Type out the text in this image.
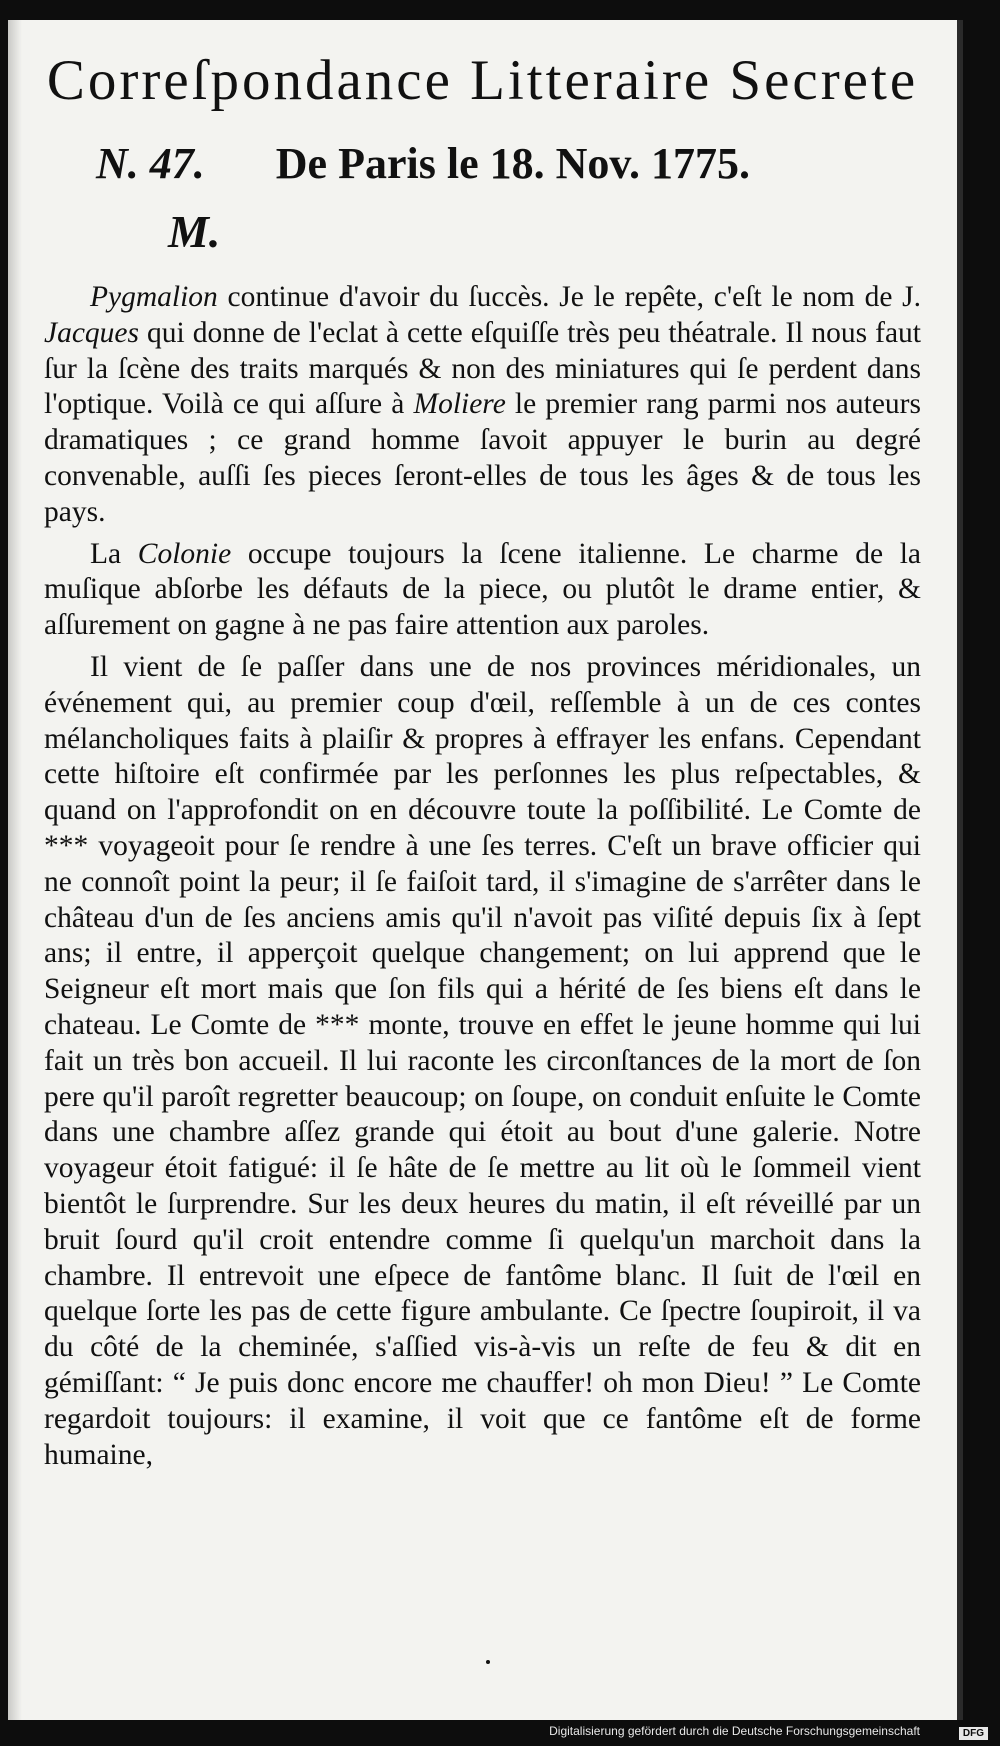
Correſpondance Litteraire Secrete
N. 47. De Paris le 18. Nov. 1775.
M.

Pygmalion continue d'avoir du ſuccès. Je le repête, c'eſt le nom de J. Jacques qui donne de l'eclat à cette eſquiſſe très peu théatrale. Il nous faut ſur la ſcène des traits marqués & non des miniatures qui ſe perdent dans l'optique. Voilà ce qui aſſure à Moliere le premier rang parmi nos auteurs dramatiques ; ce grand homme ſavoit appuyer le burin au degré convenable, auſſi ſes pieces ſeront-elles de tous les âges & de tous les pays.

La Colonie occupe toujours la ſcene italienne. Le charme de la muſique abſorbe les défauts de la piece, ou plutôt le drame entier, & aſſurement on gagne à ne pas faire attention aux paroles.

Il vient de ſe paſſer dans une de nos provinces méridionales, un événement qui, au premier coup d'œil, reſſemble à un de ces contes mélancholiques faits à plaiſir & propres à effrayer les enfans. Cependant cette hiſtoire eſt confirmée par les perſonnes les plus reſpectables, & quand on l'approfondit on en découvre toute la poſſibilité. Le Comte de *** voyageoit pour ſe rendre à une ſes terres. C'eſt un brave officier qui ne connoît point la peur; il ſe faiſoit tard, il s'imagine de s'arrêter dans le château d'un de ſes anciens amis qu'il n'avoit pas viſité depuis ſix à ſept ans; il entre, il apperçoit quelque changement; on lui apprend que le Seigneur eſt mort mais que ſon fils qui a hérité de ſes biens eſt dans le chateau. Le Comte de *** monte, trouve en effet le jeune homme qui lui fait un très bon accueil. Il lui raconte les circonſtances de la mort de ſon pere qu'il paroît regretter beaucoup; on ſoupe, on conduit enſuite le Comte dans une chambre aſſez grande qui étoit au bout d'une galerie. Notre voyageur étoit fatigué: il ſe hâte de ſe mettre au lit où le ſommeil vient bientôt le ſurprendre. Sur les deux heures du matin, il eſt réveillé par un bruit ſourd qu'il croit entendre comme ſi quelqu'un marchoit dans la chambre. Il entrevoit une eſpece de fantôme blanc. Il ſuit de l'œil en quelque ſorte les pas de cette figure ambulante. Ce ſpectre ſoupiroit, il va du côté de la cheminée, s'aſſied vis-à-vis un reſte de feu & dit en gémiſſant: “ Je puis donc encore me chauffer! oh mon Dieu! ” Le Comte regardoit toujours: il examine, il voit que ce fantôme eſt de forme humaine,

Digitalisierung gefördert durch die Deutsche Forschungsgemeinschaft	DFG
